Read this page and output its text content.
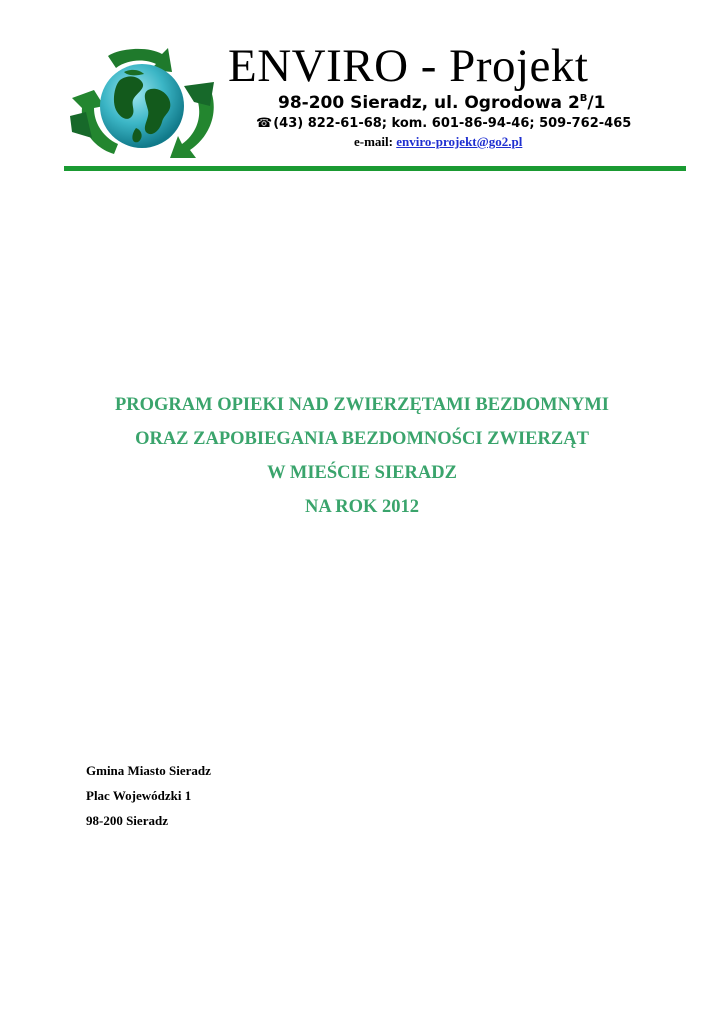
ENVIRO - Projekt
98-200 Sieradz, ul. Ogrodowa $2^B/1$
☎(43) 822-61-68; kom. 601-86-94-46; 509-762-465
e-mail: enviro-projekt@go2.pl
PROGRAM OPIEKI NAD ZWIERZĘTAMI BEZDOMNYMI
ORAZ ZAPOBIEGANIA BEZDOMNOŚCI ZWIERZĄT
W MIEŚCIE SIERADZ
NA ROK 2012
Gmina Miasto Sieradz
Plac Wojewódzki 1
98-200 Sieradz
